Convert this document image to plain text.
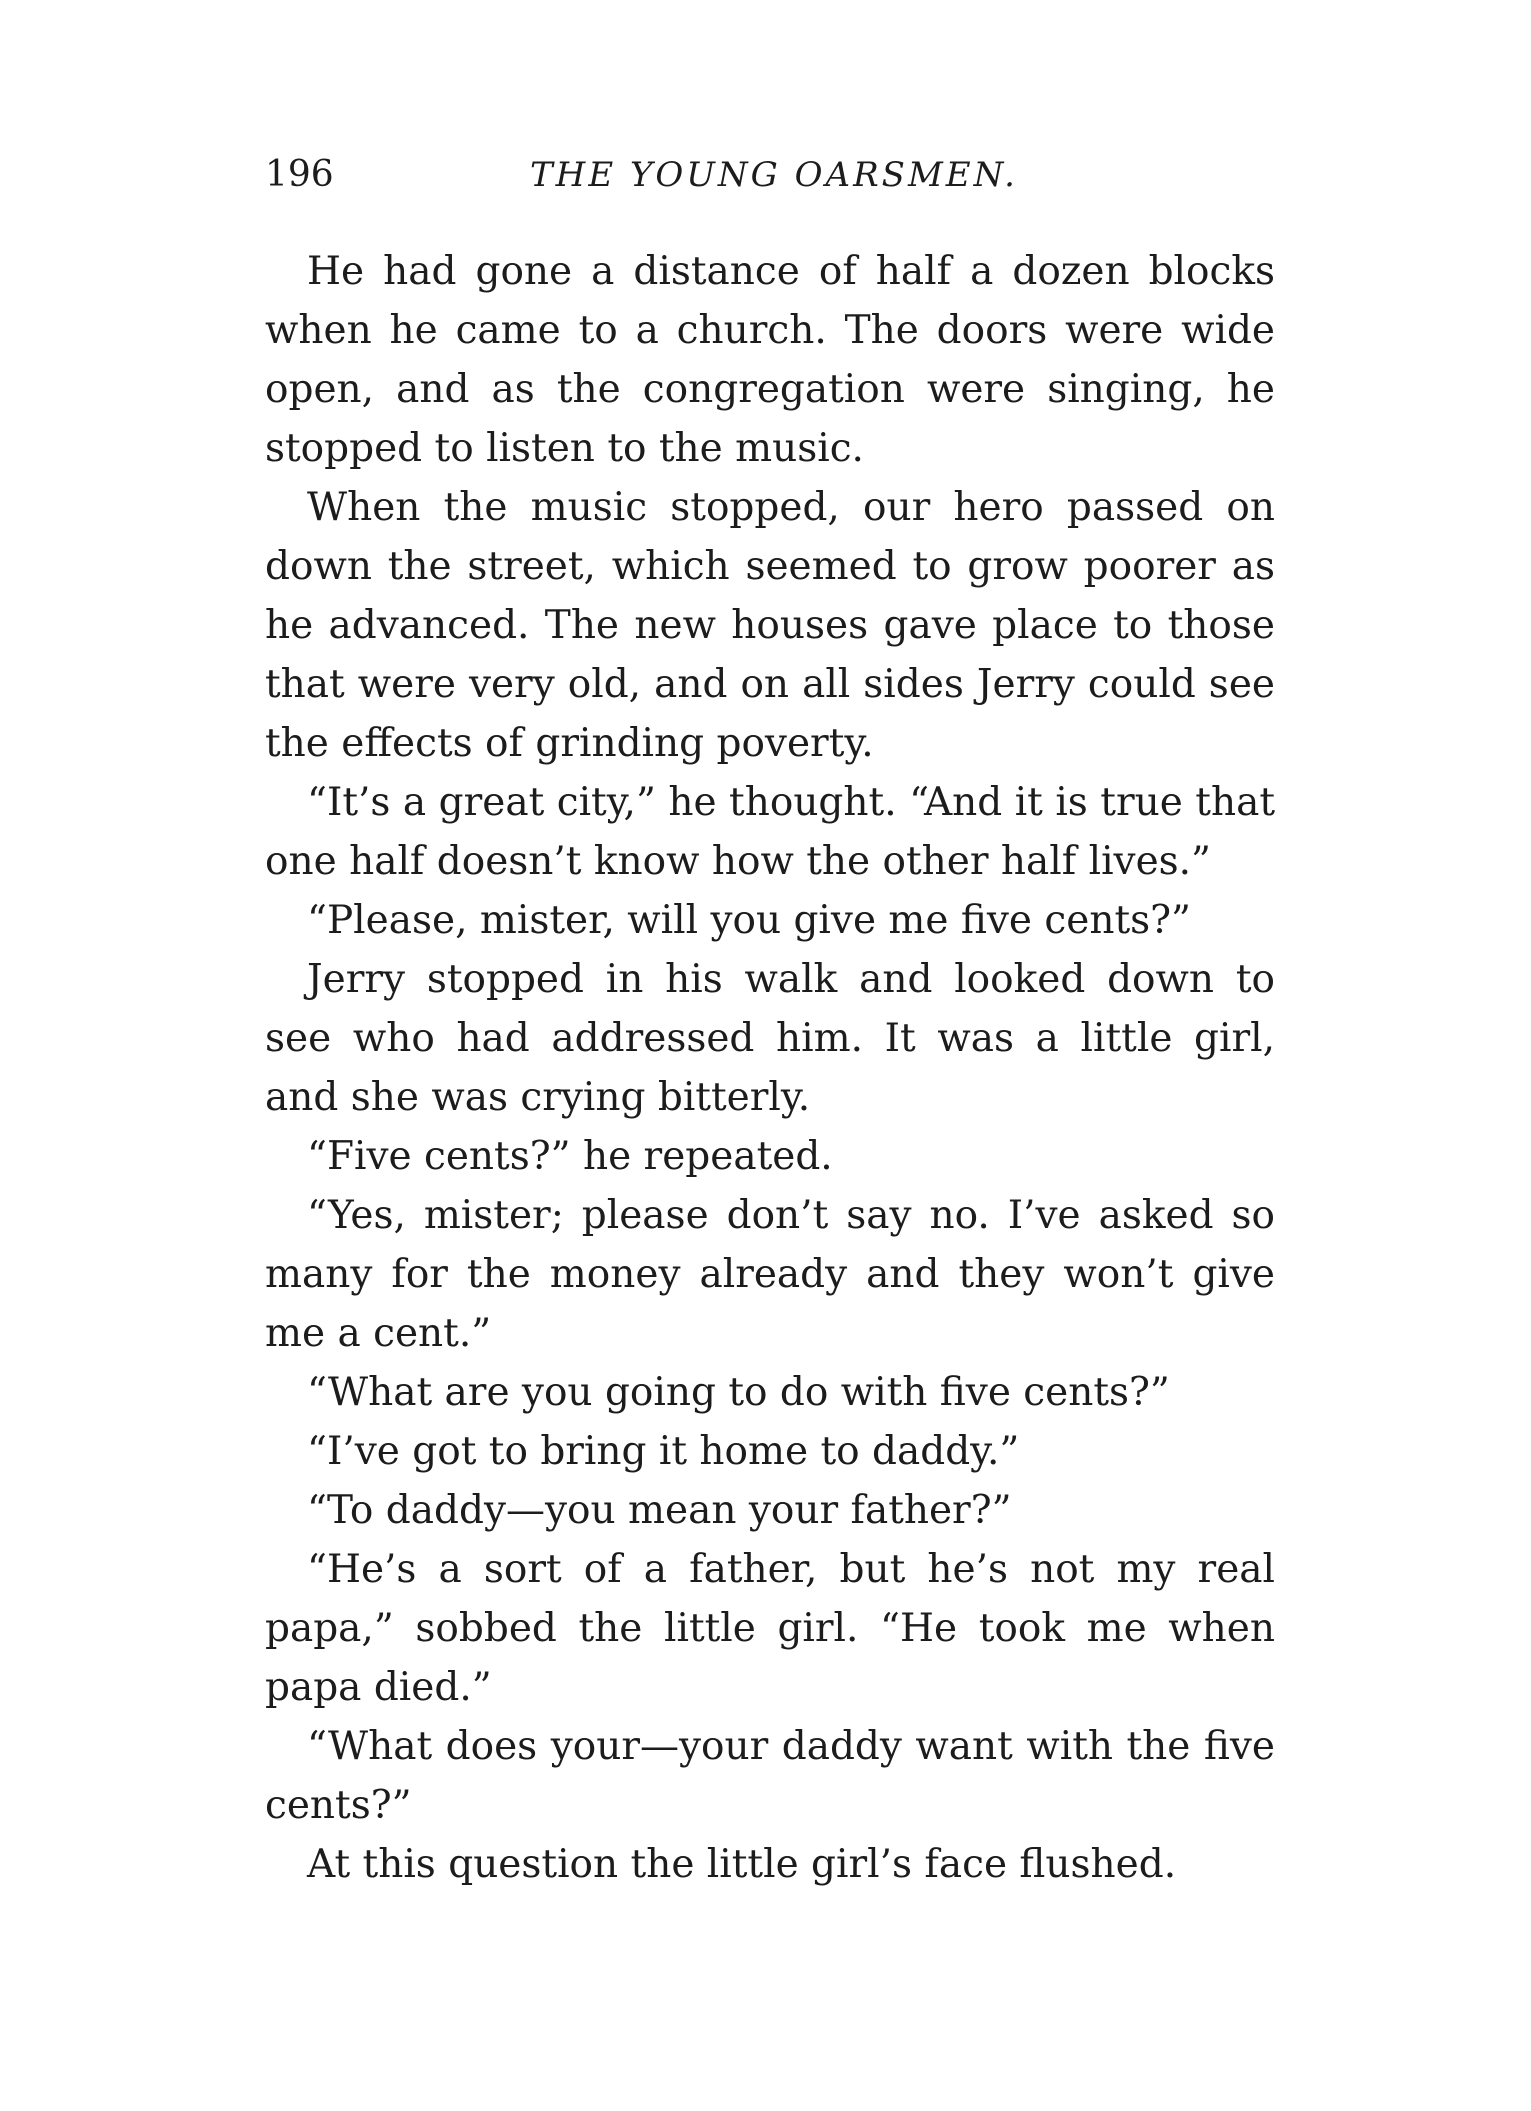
196	THE YOUNG OARSMEN.

He had gone a distance of half a dozen blocks when he came to a church. The doors were wide open, and as the congregation were singing, he stopped to listen to the music.

When the music stopped, our hero passed on down the street, which seemed to grow poorer as he advanced. The new houses gave place to those that were very old, and on all sides Jerry could see the effects of grinding poverty.

“It’s a great city,” he thought. “And it is true that one half doesn’t know how the other half lives.”

“Please, mister, will you give me five cents?”

Jerry stopped in his walk and looked down to see who had addressed him. It was a little girl, and she was crying bitterly.

“Five cents?” he repeated.

“Yes, mister; please don’t say no. I’ve asked so many for the money already and they won’t give me a cent.”

“What are you going to do with five cents?”

“I’ve got to bring it home to daddy.”

“To daddy—you mean your father?”

“He’s a sort of a father, but he’s not my real papa,” sobbed the little girl. “He took me when papa died.”

“What does your—your daddy want with the five cents?”

At this question the little girl’s face flushed.
